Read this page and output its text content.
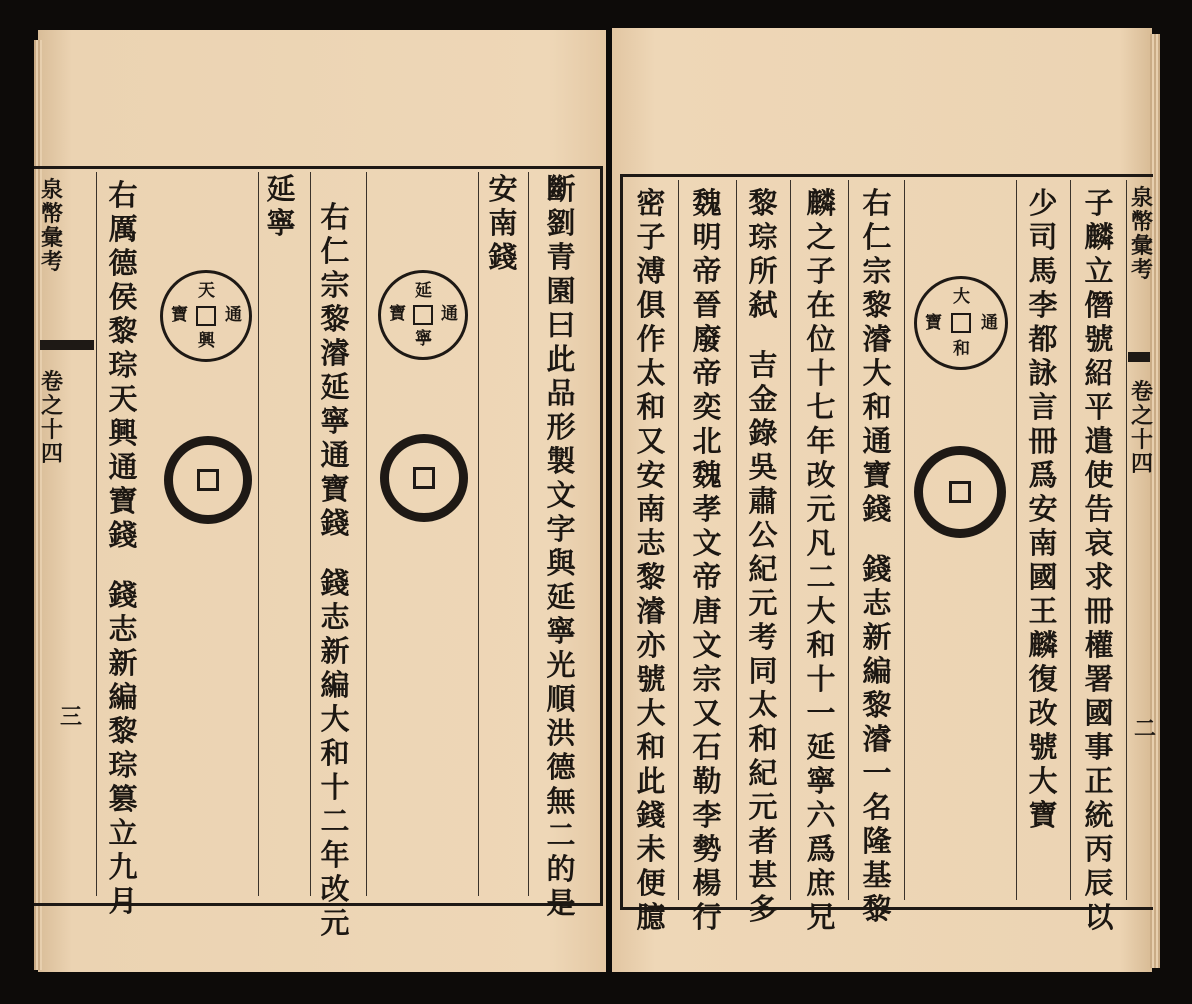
泉
幣
彙
考
卷
之
十
四
三
斷
劉
青
園
曰
此
品
形
製
文
字
與
延
寧
光
順
洪
德
無
二
的
是
安
南
錢
右
仁
宗
黎
濬
延
寧
通
寶
錢
錢
志
新
編
大
和
十
二
年
改
元
延
寧
右
厲
德
侯
黎
琮
天
興
通
寶
錢
錢
志
新
編
黎
琮
篡
立
九
月
延
寧
通
寶
天
興
通
寶
泉
幣
彙
考
卷
之
十
四
二
子
麟
立
僭
號
紹
平
遣
使
告
哀
求
冊
權
署
國
事
正
統
丙
辰
以
少
司
馬
李
都
詠
言
冊
爲
安
南
國
王
麟
復
改
號
大
寶
右
仁
宗
黎
濬
大
和
通
寶
錢
錢
志
新
編
黎
濬
一
名
隆
基
黎
麟
之
子
在
位
十
七
年
改
元
凡
二
大
和
十
一
延
寧
六
爲
庶
兄
黎
琮
所
弑
吉
金
錄
吳
肅
公
紀
元
考
同
太
和
紀
元
者
甚
多
魏
明
帝
晉
廢
帝
奕
北
魏
孝
文
帝
唐
文
宗
又
石
勒
李
勢
楊
行
密
子
溥
俱
作
太
和
又
安
南
志
黎
濬
亦
號
大
和
此
錢
未
便
臆
大
和
通
寶
